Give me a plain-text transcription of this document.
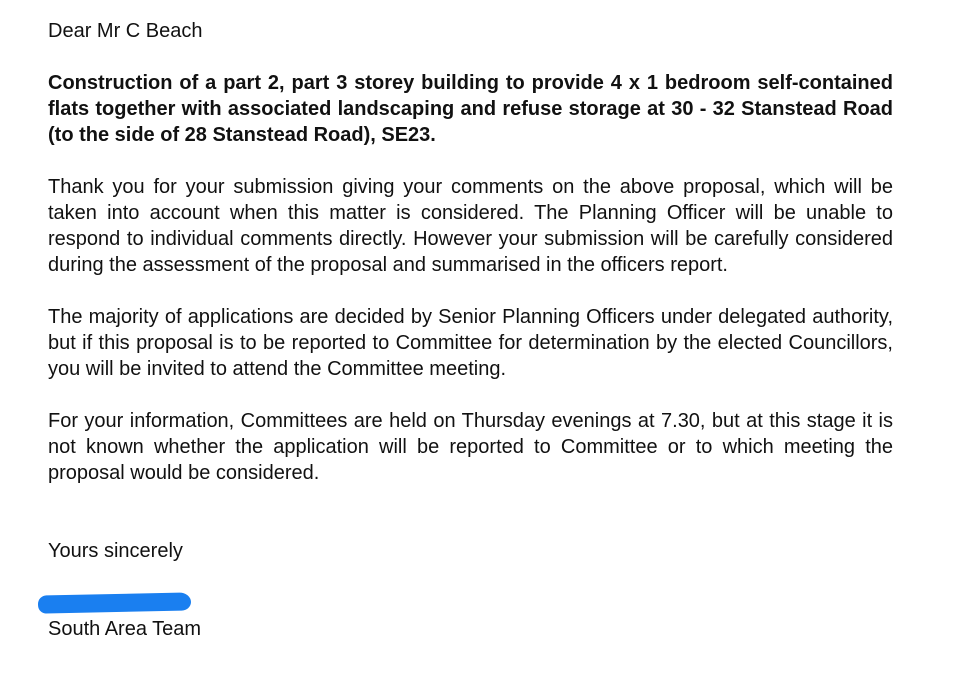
Dear Mr C Beach

Construction of a part 2, part 3 storey building to provide 4 x 1 bedroom self-contained flats together with associated landscaping and refuse storage at 30 - 32 Stanstead Road (to the side of 28 Stanstead Road), SE23.

Thank you for your submission giving your comments on the above proposal, which will be taken into account when this matter is considered. The Planning Officer will be unable to respond to individual comments directly. However your submission will be carefully considered during the assessment of the proposal and summarised in the officers report.

The majority of applications are decided by Senior Planning Officers under delegated authority, but if this proposal is to be reported to Committee for determination by the elected Councillors, you will be invited to attend the Committee meeting.

For your information, Committees are held on Thursday evenings at 7.30, but at this stage it is not known whether the application will be reported to Committee or to which meeting the proposal would be considered.

Yours sincerely

South Area Team
